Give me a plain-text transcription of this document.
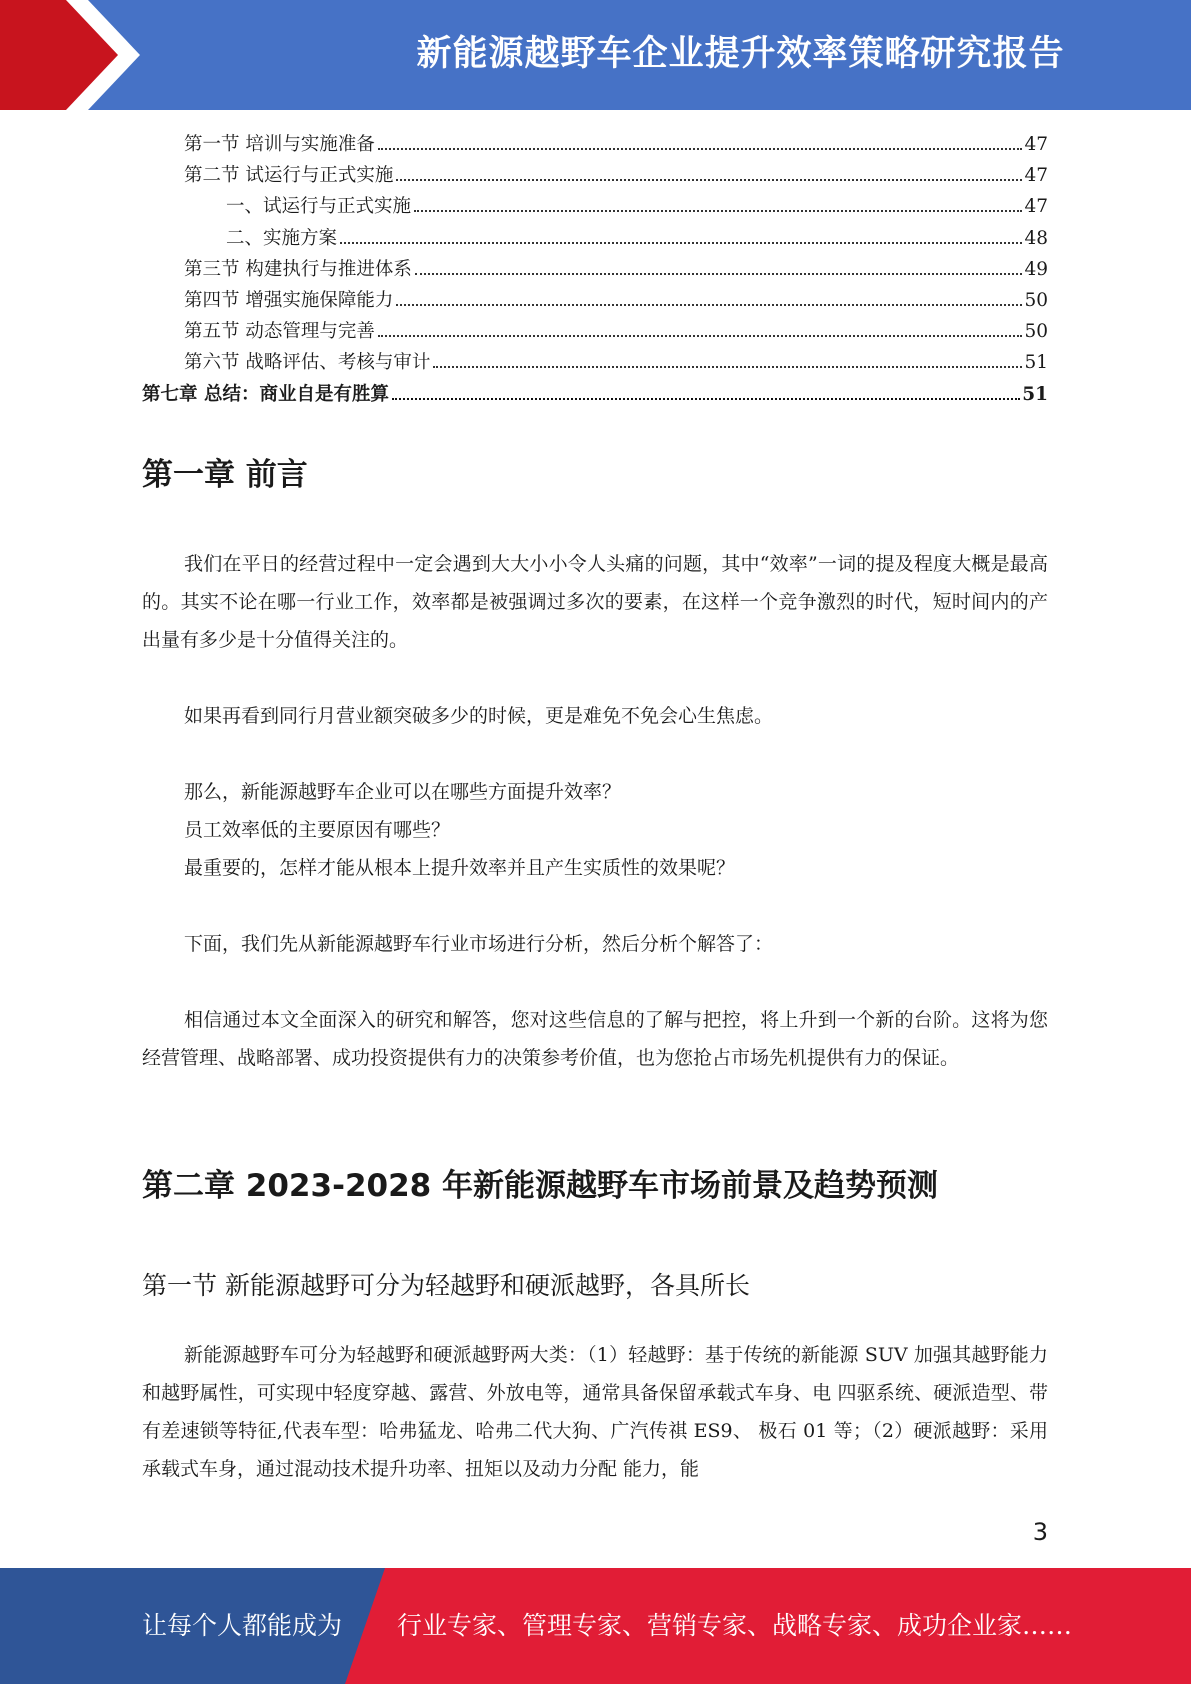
新能源越野车企业提升效率策略研究报告
第一节 培训与实施准备	47
第二节 试运行与正式实施	47
一、试运行与正式实施	47
二、实施方案	48
第三节 构建执行与推进体系	49
第四节 增强实施保障能力	50
第五节 动态管理与完善	50
第六节 战略评估、考核与审计	51
第七章 总结：商业自是有胜算	51
第一章 前言

我们在平日的经营过程中一定会遇到大大小小令人头痛的问题，其中“效率”一词的提及程度大概是最高的。其实不论在哪一行业工作，效率都是被强调过多次的要素，在这样一个竞争激烈的时代，短时间内的产出量有多少是十分值得关注的。

如果再看到同行月营业额突破多少的时候，更是难免不免会心生焦虑。

那么，新能源越野车企业可以在哪些方面提升效率？

员工效率低的主要原因有哪些？

最重要的，怎样才能从根本上提升效率并且产生实质性的效果呢？

下面，我们先从新能源越野车行业市场进行分析，然后分析个解答了：

相信通过本文全面深入的研究和解答，您对这些信息的了解与把控，将上升到一个新的台阶。这将为您经营管理、战略部署、成功投资提供有力的决策参考价值，也为您抢占市场先机提供有力的保证。

第二章 2023-2028 年新能源越野车市场前景及趋势预测
第一节 新能源越野可分为轻越野和硬派越野，各具所长

新能源越野车可分为轻越野和硬派越野两大类：（1）轻越野：基于传统的新能源 SUV 加强其越野能力和越野属性，可实现中轻度穿越、露营、外放电等，通常具备保留承载式车身、电 四驱系统、硬派造型、带有差速锁等特征,代表车型：哈弗猛龙、哈弗二代大狗、广汽传祺 ES9、 极石 01 等；（2）硬派越野：采用承载式车身，通过混动技术提升功率、扭矩以及动力分配 能力，能

3
让每个人都能成为 行业专家、管理专家、营销专家、战略专家、成功企业家……
